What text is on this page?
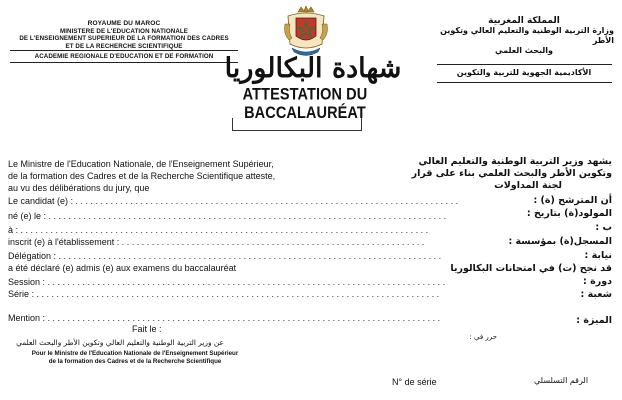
ROYAUME DU MAROC
MINISTERE DE L'EDUCATION NATIONALE
DE L'ENSEIGNEMENT SUPERIEUR DE LA FORMATION DES CADRES
ET DE LA RECHERCHE SCIENTIFIQUE
ACADEMIE REGIONALE D'EDUCATION ET DE FORMATION
المملكة المغربية
وزارة التربية الوطنية والتعليم العالي وتكوين الأطر
والبحث العلمي
الأكاديمية الجهوية للتربية والتكوين
شهادة البكالوريا
ATTESTATION DU BACCALAURÉAT
Le Ministre de l'Education Nationale, de l'Enseignement Supérieur,
de la formation des Cadres et de la Recherche Scientifique atteste,
au vu des délibérations du jury, que
Le candidat (e) : . . . . . . . . . . . . . . . . . . . . . . . . . . . . . . . . . . . . . . . . . . . . . . . . . . . . . . . . . . . . . . . . . . . . . . . . . . . . .
né (e) le : . . . . . . . . . . . . . . . . . . . . . . . . . . . . . . . . . . . . . . . . . . . . . . . . . . . . . . . . . . . . . . . . . . . . . . . . . . . . . . . .
à : . . . . . . . . . . . . . . . . . . . . . . . . . . . . . . . . . . . . . . . . . . . . . . . . . . . . . . . . . . . . . . . . . . . . . . . . . . . . . . . . . .
inscrit (e) à l'établissement : . . . . . . . . . . . . . . . . . . . . . . . . . . . . . . . . . . . . . . . . . . . . . . . . . . . . . . . . . . . . .
Délégation : . . . . . . . . . . . . . . . . . . . . . . . . . . . . . . . . . . . . . . . . . . . . . . . . . . . . . . . . . . . . . . . . . . . . . . . . . . . . .
a été déclaré (e) admis (e) aux examens du baccalauréat
Session : . . . . . . . . . . . . . . . . . . . . . . . . . . . . . . . . . . . . . . . . . . . . . . . . . . . . . . . . . . . . . . . . . . . . . . . . . . . . . . . .
Série : . . . . . . . . . . . . . . . . . . . . . . . . . . . . . . . . . . . . . . . . . . . . . . . . . . . . . . . . . . . . . . . . . . . . . . . . . . . . . . . . .
Mention : . . . . . . . . . . . . . . . . . . . . . . . . . . . . . . . . . . . . . . . . . . . . . . . . . . . . . . . . . . . . . . . . . . . . . . . . . . . . . . .
Fait le :
يشهد وزير التربية الوطنية والتعليم العالي
وتكوين الأطر والبحث العلمي بناء على قرار
لجنة المداولات
أن المترشح (ة) :
المولود(ة) بتاريخ :
ب :
المسجل(ة) بمؤسسة :
نيابة :
قد نجح (ت) في امتحانات البكالوريا
دورة :
شعبة :
الميزة :
عن وزير التربية الوطنية والتعليم العالي وتكوين الأطر والبحث العلمي
Pour le Ministre de l'Education Nationale de l'Enseignement Supérieur
de la formation des Cadres et de la Recherche Scientifique
حرر في :
N° de série	الرقم التسلسلي
